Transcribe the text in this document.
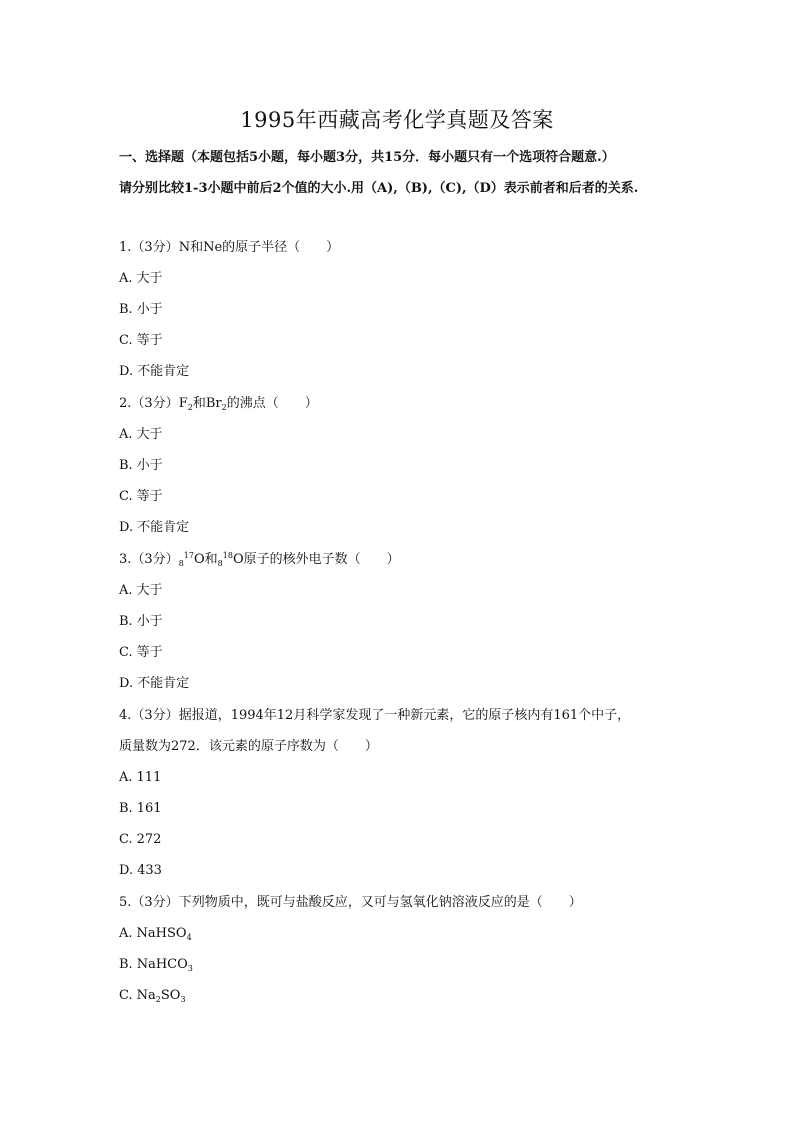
1995年西藏高考化学真题及答案
一、选择题（本题包括5小题，每小题3分，共15分．每小题只有一个选项符合题意.）
请分别比较1-3小题中前后2个值的大小.用（A),（B),（C),（D）表示前者和后者的关系.
1.（3分）N和Ne的原子半径（　　）
A. 大于
B. 小于
C. 等于
D. 不能肯定
2.（3分）$F_2$和$Br_2$的沸点（　　）
A. 大于
B. 小于
C. 等于
D. 不能肯定
3.（3分）$_8^{17}O$和$_8^{18}$O原子的核外电子数（　　）
A. 大于
B. 小于
C. 等于
D. 不能肯定
4.（3分）据报道，1994年12月科学家发现了一种新元素，它的原子核内有161个中子，
质量数为272．该元素的原子序数为（　　）
A. 111
B. 161
C. 272
D. 433
5.（3分）下列物质中，既可与盐酸反应，又可与氢氧化钠溶液反应的是（　　）
A. NaHSO$_4$
B. NaHCO$_3$
C. $Na_2SO_3$
